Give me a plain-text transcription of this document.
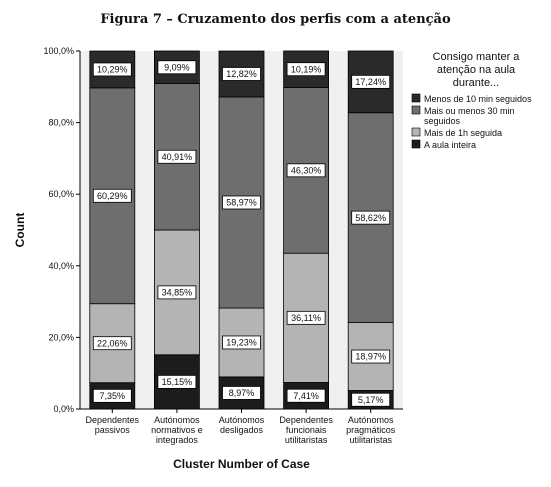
Figura 7 – Cruzamento dos perfis com a atenção
0,0%
20,0%
40,0%
60,0%
80,0%
100,0%
Count
Cluster Number of Case
Dependentes passivos
Autónomos normativos e integrados
Autónomos desligados
Dependentes funcionais utilitaristas
Autónomos pragmáticos utilitaristas
7,35%
22,06%
60,29%
10,29%
15,15%
34,85%
40,91%
9,09%
8,97%
19,23%
58,97%
12,82%
7,41%
36,11%
46,30%
10,19%
5,17%
18,97%
58,62%
17,24%
Consigo manter a atenção na aula durante...
Menos de 10 min seguidos
Mais ou menos 30 min seguidos
Mais de 1h seguida
A aula inteira
